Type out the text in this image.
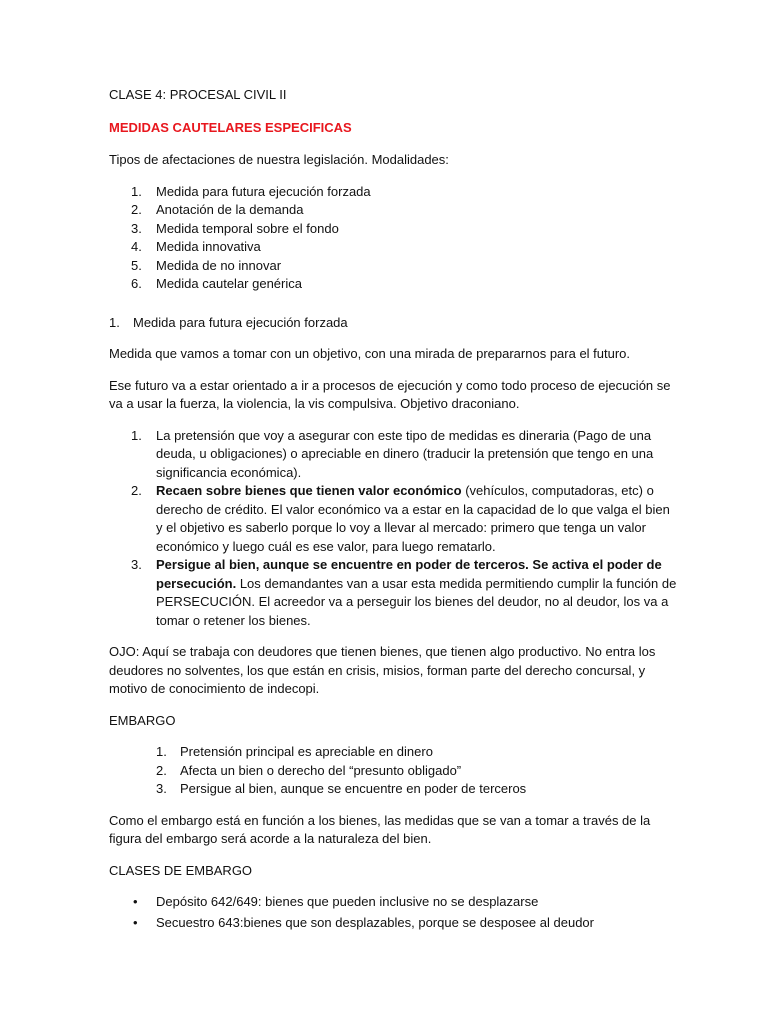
CLASE 4: PROCESAL CIVIL II

MEDIDAS CAUTELARES ESPECIFICAS

Tipos de afectaciones de nuestra legislación. Modalidades:

1. Medida para futura ejecución forzada
2. Anotación de la demanda
3. Medida temporal sobre el fondo
4. Medida innovativa
5. Medida de no innovar
6. Medida cautelar genérica

1. Medida para futura ejecución forzada

Medida que vamos a tomar con un objetivo, con una mirada de prepararnos para el futuro.

Ese futuro va a estar orientado a ir a procesos de ejecución y como todo proceso de ejecución se va a usar la fuerza, la violencia, la vis compulsiva. Objetivo draconiano.

1. La pretensión que voy a asegurar con este tipo de medidas es dineraria (Pago de una deuda, u obligaciones) o apreciable en dinero (traducir la pretensión que tengo en una significancia económica).
2. Recaen sobre bienes que tienen valor económico (vehículos, computadoras, etc) o derecho de crédito. El valor económico va a estar en la capacidad de lo que valga el bien y el objetivo es saberlo porque lo voy a llevar al mercado: primero que tenga un valor económico y luego cuál es ese valor, para luego rematarlo.
3. Persigue al bien, aunque se encuentre en poder de terceros. Se activa el poder de persecución. Los demandantes van a usar esta medida permitiendo cumplir la función de PERSECUCIÓN. El acreedor va a perseguir los bienes del deudor, no al deudor, los va a tomar o retener los bienes.

OJO: Aquí se trabaja con deudores que tienen bienes, que tienen algo productivo. No entra los deudores no solventes, los que están en crisis, misios, forman parte del derecho concursal, y motivo de conocimiento de indecopi.

EMBARGO

1. Pretensión principal es apreciable en dinero
2. Afecta un bien o derecho del “presunto obligado”
3. Persigue al bien, aunque se encuentre en poder de terceros

Como el embargo está en función a los bienes, las medidas que se van a tomar a través de la figura del embargo será acorde a la naturaleza del bien.

CLASES DE EMBARGO

• Depósito 642/649: bienes que pueden inclusive no se desplazarse
• Secuestro 643:bienes que son desplazables, porque se desposee al deudor
